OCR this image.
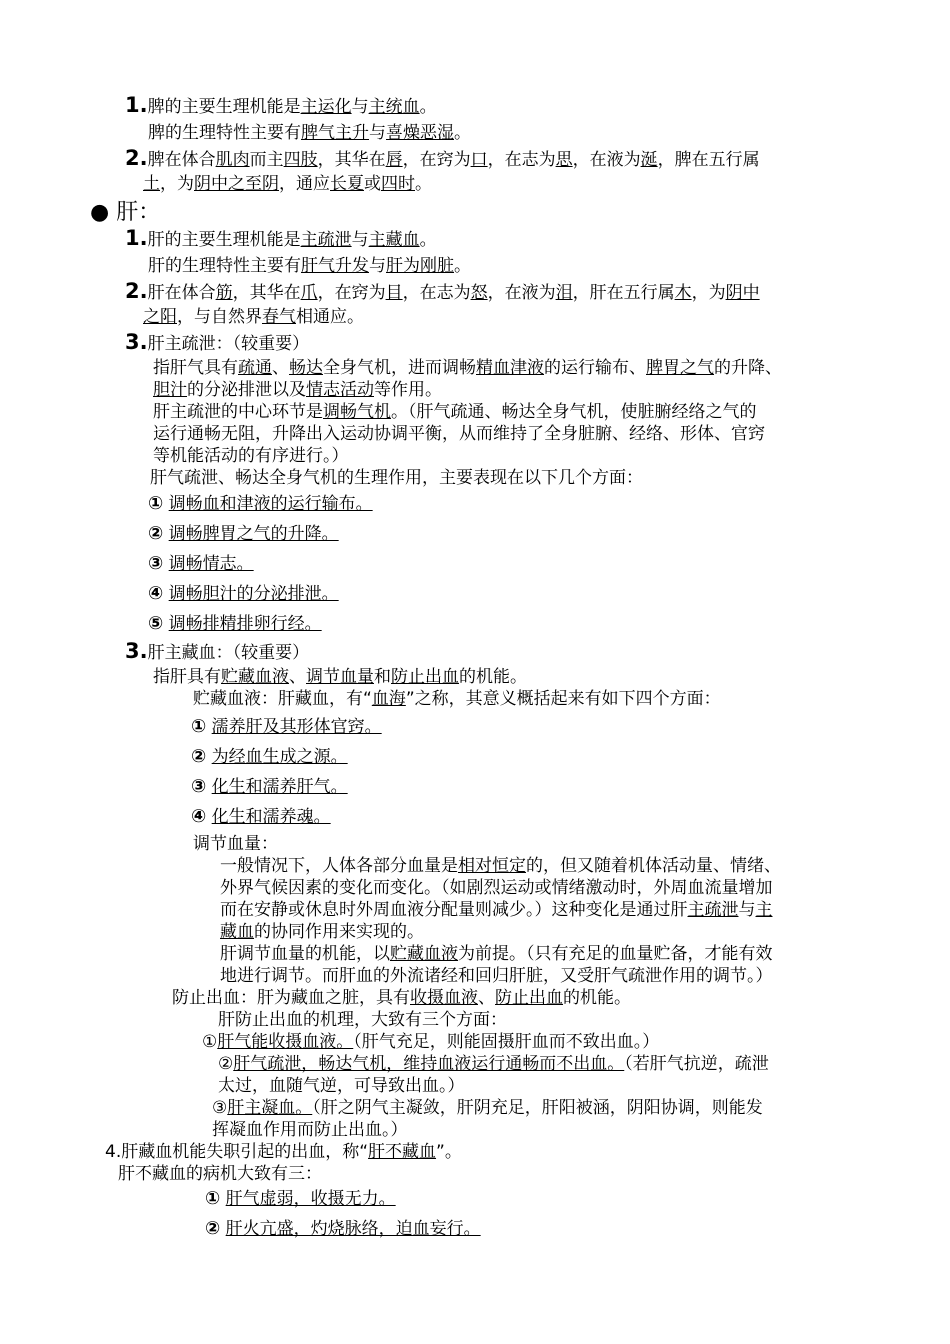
1.脾的主要生理机能是主运化与主统血。
脾的生理特性主要有脾气主升与喜燥恶湿。
2.脾在体合肌肉而主四肢，其华在唇，在窍为口，在志为思，在液为涎，脾在五行属
土，为阴中之至阴，通应长夏或四时。
● 肝：
1.肝的主要生理机能是主疏泄与主藏血。
肝的生理特性主要有肝气升发与肝为刚脏。
2.肝在体合筋，其华在爪，在窍为目，在志为怒，在液为泪，肝在五行属木，为阴中
之阳，与自然界春气相通应。
3.肝主疏泄：（较重要）
指肝气具有疏通、畅达全身气机，进而调畅精血津液的运行输布、脾胃之气的升降、
胆汁的分泌排泄以及情志活动等作用。
肝主疏泄的中心环节是调畅气机。（肝气疏通、畅达全身气机，使脏腑经络之气的
运行通畅无阻，升降出入运动协调平衡，从而维持了全身脏腑、经络、形体、官窍
等机能活动的有序进行。）
肝气疏泄、畅达全身气机的生理作用，主要表现在以下几个方面：
① 调畅血和津液的运行输布。
② 调畅脾胃之气的升降。
③ 调畅情志。
④ 调畅胆汁的分泌排泄。
⑤ 调畅排精排卵行经。
3.肝主藏血：（较重要）
指肝具有贮藏血液、调节血量和防止出血的机能。
贮藏血液：肝藏血，有“血海”之称，其意义概括起来有如下四个方面：
① 濡养肝及其形体官窍。
② 为经血生成之源。
③ 化生和濡养肝气。
④ 化生和濡养魂。
调节血量：
一般情况下，人体各部分血量是相对恒定的，但又随着机体活动量、情绪、
外界气候因素的变化而变化。（如剧烈运动或情绪激动时，外周血流量增加
而在安静或休息时外周血液分配量则减少。）这种变化是通过肝主疏泄与主
藏血的协同作用来实现的。
肝调节血量的机能，以贮藏血液为前提。（只有充足的血量贮备，才能有效
地进行调节。而肝血的外流诸经和回归肝脏，又受肝气疏泄作用的调节。）
防止出血：肝为藏血之脏，具有收摄血液、防止出血的机能。
肝防止出血的机理，大致有三个方面：
①肝气能收摄血液。（肝气充足，则能固摄肝血而不致出血。）
②肝气疏泄，畅达气机，维持血液运行通畅而不出血。（若肝气抗逆，疏泄
太过，血随气逆，可导致出血。）
③肝主凝血。（肝之阴气主凝敛，肝阴充足，肝阳被涵，阴阳协调，则能发
挥凝血作用而防止出血。）
4.肝藏血机能失职引起的出血，称“肝不藏血”。
肝不藏血的病机大致有三：
① 肝气虚弱，收摄无力。
② 肝火亢盛，灼烧脉络，迫血妄行。
